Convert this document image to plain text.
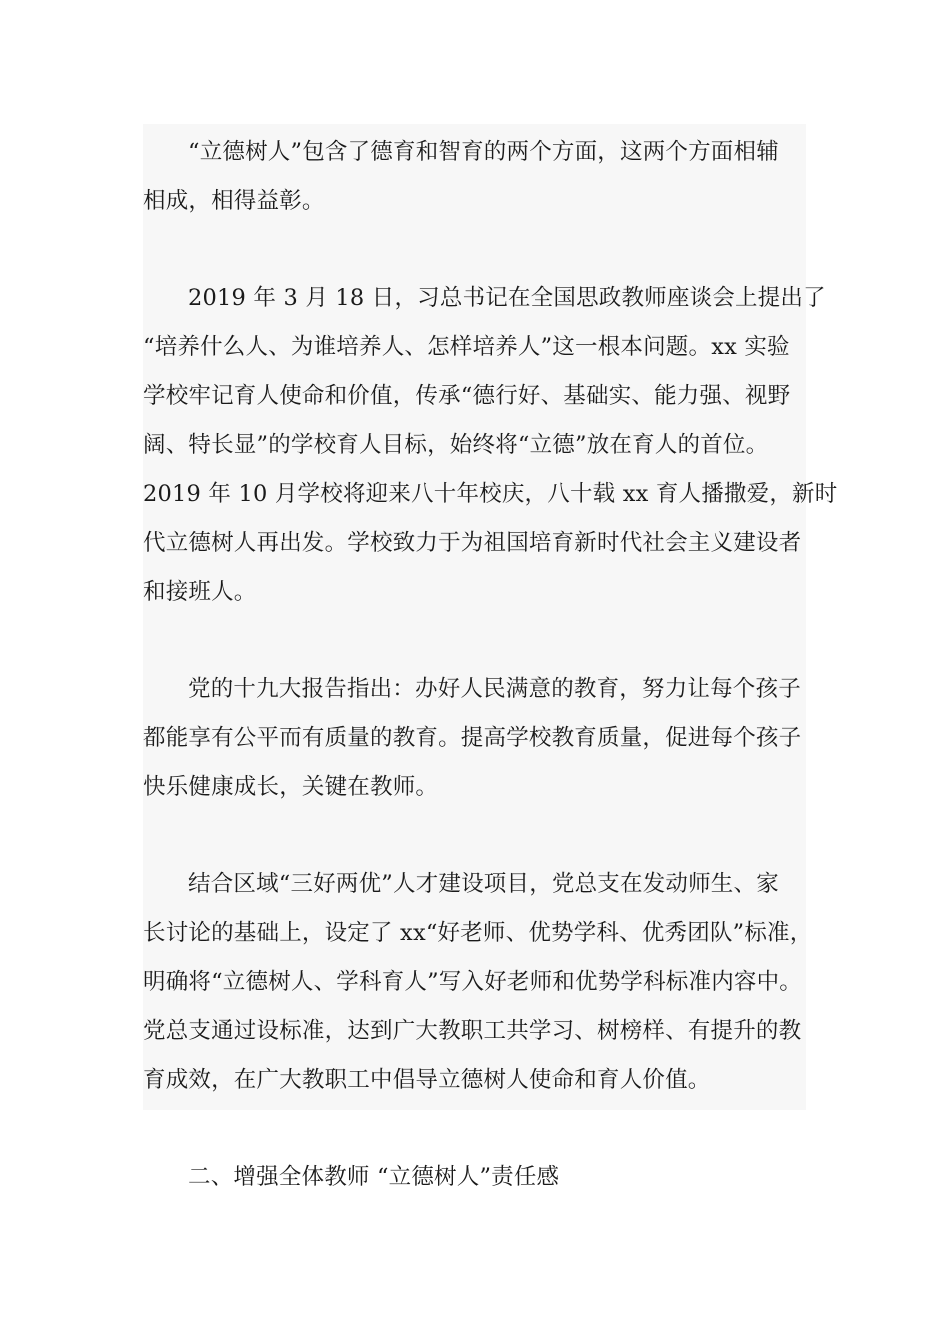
“立德树人”包含了德育和智育的两个方面，这两个方面相辅
相成，相得益彰。

2019 年 3 月 18 日，习总书记在全国思政教师座谈会上提出了
“培养什么人、为谁培养人、怎样培养人”这一根本问题。xx 实验
学校牢记育人使命和价值，传承“德行好、基础实、能力强、视野
阔、特长显”的学校育人目标，始终将“立德”放在育人的首位。
2019 年 10 月学校将迎来八十年校庆，八十载 xx 育人播撒爱，新时
代立德树人再出发。学校致力于为祖国培育新时代社会主义建设者
和接班人。

党的十九大报告指出：办好人民满意的教育，努力让每个孩子
都能享有公平而有质量的教育。提高学校教育质量，促进每个孩子
快乐健康成长，关键在教师。

结合区域“三好两优”人才建设项目，党总支在发动师生、家
长讨论的基础上，设定了 xx“好老师、优势学科、优秀团队”标准，
明确将“立德树人、学科育人”写入好老师和优势学科标准内容中。
党总支通过设标准，达到广大教职工共学习、树榜样、有提升的教
育成效，在广大教职工中倡导立德树人使命和育人价值。

二、增强全体教师 “立德树人”责任感
